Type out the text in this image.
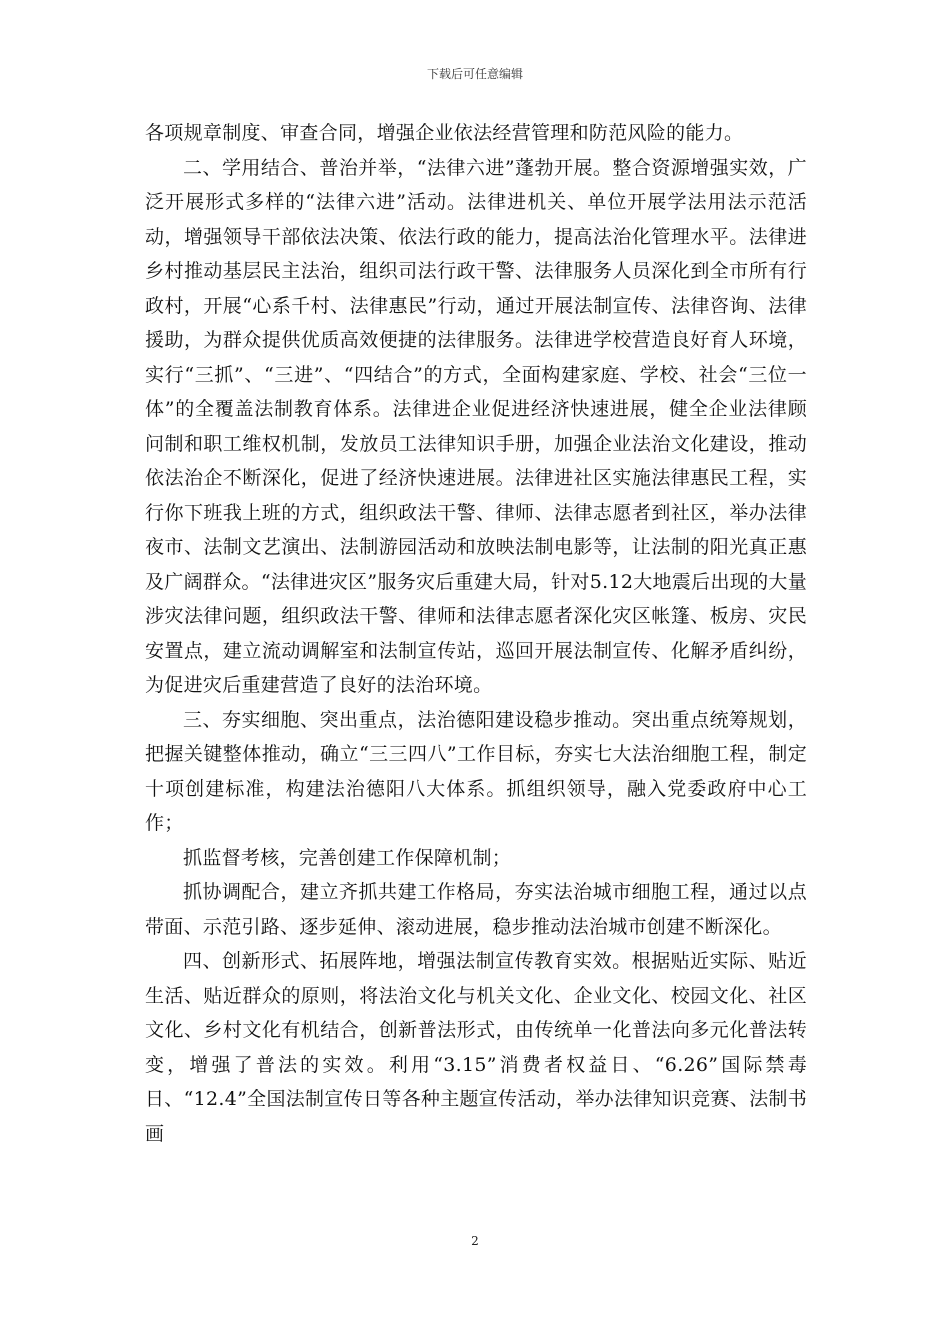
下载后可任意编辑

各项规章制度、审查合同，增强企业依法经营管理和防范风险的能力。

二、学用结合、普治并举，“法律六进”蓬勃开展。整合资源增强实效，广泛开展形式多样的“法律六进”活动。法律进机关、单位开展学法用法示范活动，增强领导干部依法决策、依法行政的能力，提高法治化管理水平。法律进乡村推动基层民主法治，组织司法行政干警、法律服务人员深化到全市所有行政村，开展“心系千村、法律惠民”行动，通过开展法制宣传、法律咨询、法律援助，为群众提供优质高效便捷的法律服务。法律进学校营造良好育人环境，实行“三抓”、“三进”、“四结合”的方式，全面构建家庭、学校、社会“三位一体”的全覆盖法制教育体系。法律进企业促进经济快速进展，健全企业法律顾问制和职工维权机制，发放员工法律知识手册，加强企业法治文化建设，推动依法治企不断深化，促进了经济快速进展。法律进社区实施法律惠民工程，实行你下班我上班的方式，组织政法干警、律师、法律志愿者到社区，举办法律夜市、法制文艺演出、法制游园活动和放映法制电影等，让法制的阳光真正惠及广阔群众。“法律进灾区”服务灾后重建大局，针对5.12大地震后出现的大量涉灾法律问题，组织政法干警、律师和法律志愿者深化灾区帐篷、板房、灾民安置点，建立流动调解室和法制宣传站，巡回开展法制宣传、化解矛盾纠纷，为促进灾后重建营造了良好的法治环境。

三、夯实细胞、突出重点，法治德阳建设稳步推动。突出重点统筹规划，把握关键整体推动，确立“三三四八”工作目标，夯实七大法治细胞工程，制定十项创建标准，构建法治德阳八大体系。抓组织领导，融入党委政府中心工作；

抓监督考核，完善创建工作保障机制；

抓协调配合，建立齐抓共建工作格局，夯实法治城市细胞工程，通过以点带面、示范引路、逐步延伸、滚动进展，稳步推动法治城市创建不断深化。

四、创新形式、拓展阵地，增强法制宣传教育实效。根据贴近实际、贴近生活、贴近群众的原则，将法治文化与机关文化、企业文化、校园文化、社区文化、乡村文化有机结合，创新普法形式，由传统单一化普法向多元化普法转变，增强了普法的实效。利用“3.15”消费者权益日、“6.26”国际禁毒日、“12.4”全国法制宣传日等各种主题宣传活动，举办法律知识竞赛、法制书画

2
